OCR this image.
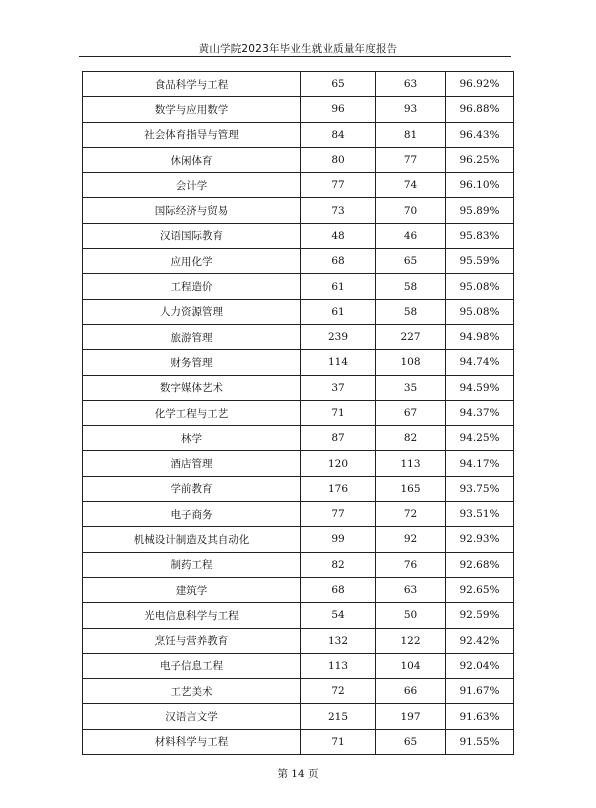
黄山学院2023年毕业生就业质量年度报告
食品科学与工程	65	63	96.92%
数学与应用数学	96	93	96.88%
社会体育指导与管理	84	81	96.43%
休闲体育	80	77	96.25%
会计学	77	74	96.10%
国际经济与贸易	73	70	95.89%
汉语国际教育	48	46	95.83%
应用化学	68	65	95.59%
工程造价	61	58	95.08%
人力资源管理	61	58	95.08%
旅游管理	239	227	94.98%
财务管理	114	108	94.74%
数字媒体艺术	37	35	94.59%
化学工程与工艺	71	67	94.37%
林学	87	82	94.25%
酒店管理	120	113	94.17%
学前教育	176	165	93.75%
电子商务	77	72	93.51%
机械设计制造及其自动化	99	92	92.93%
制药工程	82	76	92.68%
建筑学	68	63	92.65%
光电信息科学与工程	54	50	92.59%
烹饪与营养教育	132	122	92.42%
电子信息工程	113	104	92.04%
工艺美术	72	66	91.67%
汉语言文学	215	197	91.63%
材料科学与工程	71	65	91.55%
第 14 页
